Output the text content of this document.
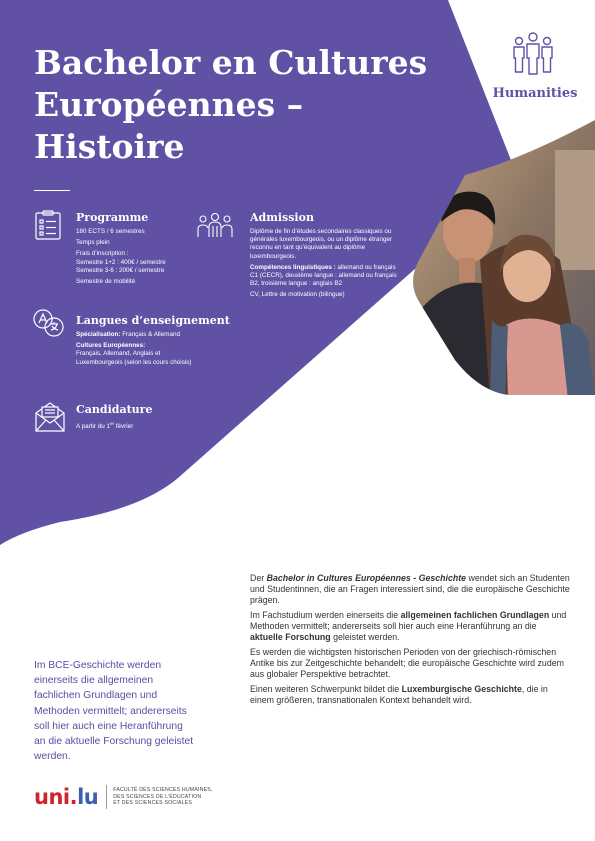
Bachelor en Cultures
Européennes –
Histoire
Humanities
Programme
180 ECTS / 6 semestres
Temps plein
Frais d’inscription :
Semestre 1+2 : 400€ / semestre
Semestre 3-6 : 200€ / semestre
Semestre de mobilité
Admission
Diplôme de fin d’études secondaires classiques ou générales luxembourgeois, ou un diplôme étranger reconnu en tant qu’équivalent au diplôme luxembourgeois.
Compétences linguistiques : allemand ou français C1 (CECR), deuxième langue : allemand ou français B2, troisième langue : anglais B2
CV, Lettre de motivation (bilingue)
Langues d’enseignement
Spécialisation: Français & Allemand
Cultures Européennes:
Français, Allemand, Anglais et Luxembourgeois (selon les cours choisis)
Candidature
A partir du 1er février

Der Bachelor in Cultures Européennes - Geschichte wendet sich an Studenten und Studentinnen, die an Fragen interessiert sind, die die europäische Geschichte prägen.

Im Fachstudium werden einerseits die allgemeinen fachlichen Grundlagen und Methoden vermittelt; andererseits soll hier auch eine Heranführung an die aktuelle Forschung geleistet werden.

Es werden die wichtigsten historischen Perioden von der griechisch-römischen Antike bis zur Zeitgeschichte behandelt; die europäische Geschichte wird zudem aus globaler Perspektive betrachtet.

Einen weiteren Schwerpunkt bildet die Luxemburgische Geschichte, die in einem größeren, transnationalen Kontext behandelt wird.

Im BCE-Geschichte werden einerseits die allgemeinen fachlichen Grundlagen und Methoden vermittelt; andererseits soll hier auch eine Heranführung an die aktuelle Forschung geleistet werden.
uni.lu	FACULTÉ DES SCIENCES HUMAINES,
DES SCIENCES DE L’ÉDUCATION
ET DES SCIENCES SOCIALES
